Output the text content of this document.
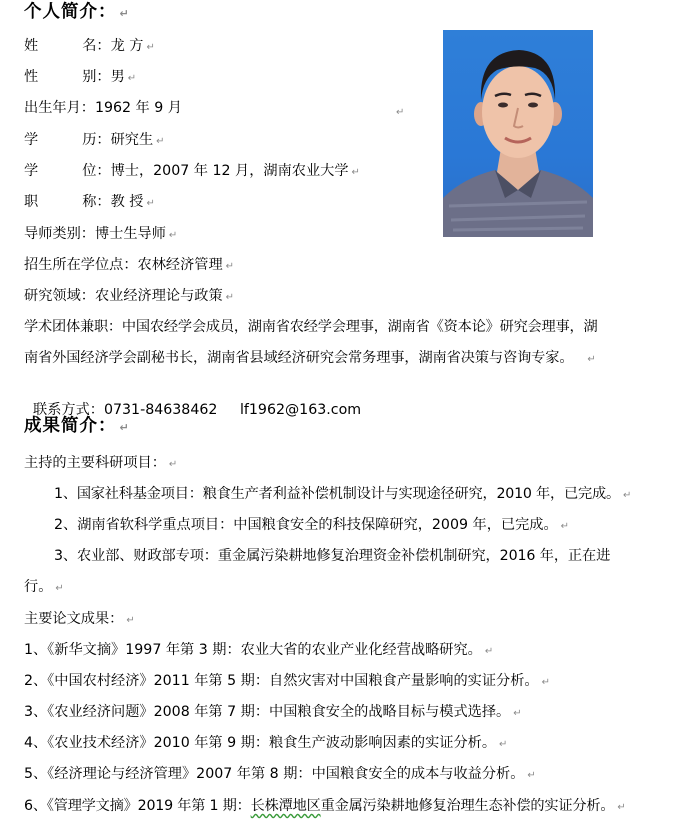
个人简介： ↵
姓	名：龙 方 ↵
性	别：男 ↵
出生年月：1962 年 9 月	↵
学	历：研究生 ↵
学	位：博士，2007 年 12 月，湖南农业大学 ↵
职	称：教 授 ↵
导师类别：博士生导师 ↵
招生所在学位点：农林经济管理 ↵
研究领域：农业经济理论与政策 ↵
学术团体兼职：中国农经学会成员，湖南省农经学会理事，湖南省《资本论》研究会理事，湖
南省外国经济学会副秘书长，湖南省县域经济研究会常务理事，湖南省决策与咨询专家。 ↵

联系方式：0731-84638462     lf1962@163.com

成果简介： ↵
主持的主要科研项目： ↵
1、国家社科基金项目：粮食生产者利益补偿机制设计与实现途径研究，2010 年，已完成。 ↵
2、湖南省软科学重点项目：中国粮食安全的科技保障研究，2009 年，已完成。 ↵
3、农业部、财政部专项：重金属污染耕地修复治理资金补偿机制研究，2016 年，正在进
行。 ↵
主要论文成果： ↵
1、《新华文摘》1997 年第 3 期：农业大省的农业产业化经营战略研究。 ↵
2、《中国农村经济》2011 年第 5 期：自然灾害对中国粮食产量影响的实证分析。 ↵
3、《农业经济问题》2008 年第 7 期：中国粮食安全的战略目标与模式选择。 ↵
4、《农业技术经济》2010 年第 9 期：粮食生产波动影响因素的实证分析。 ↵
5、《经济理论与经济管理》2007 年第 8 期：中国粮食安全的成本与收益分析。 ↵
6、《管理学文摘》2019 年第 1 期：长株潭地区重金属污染耕地修复治理生态补偿的实证分析。 ↵
